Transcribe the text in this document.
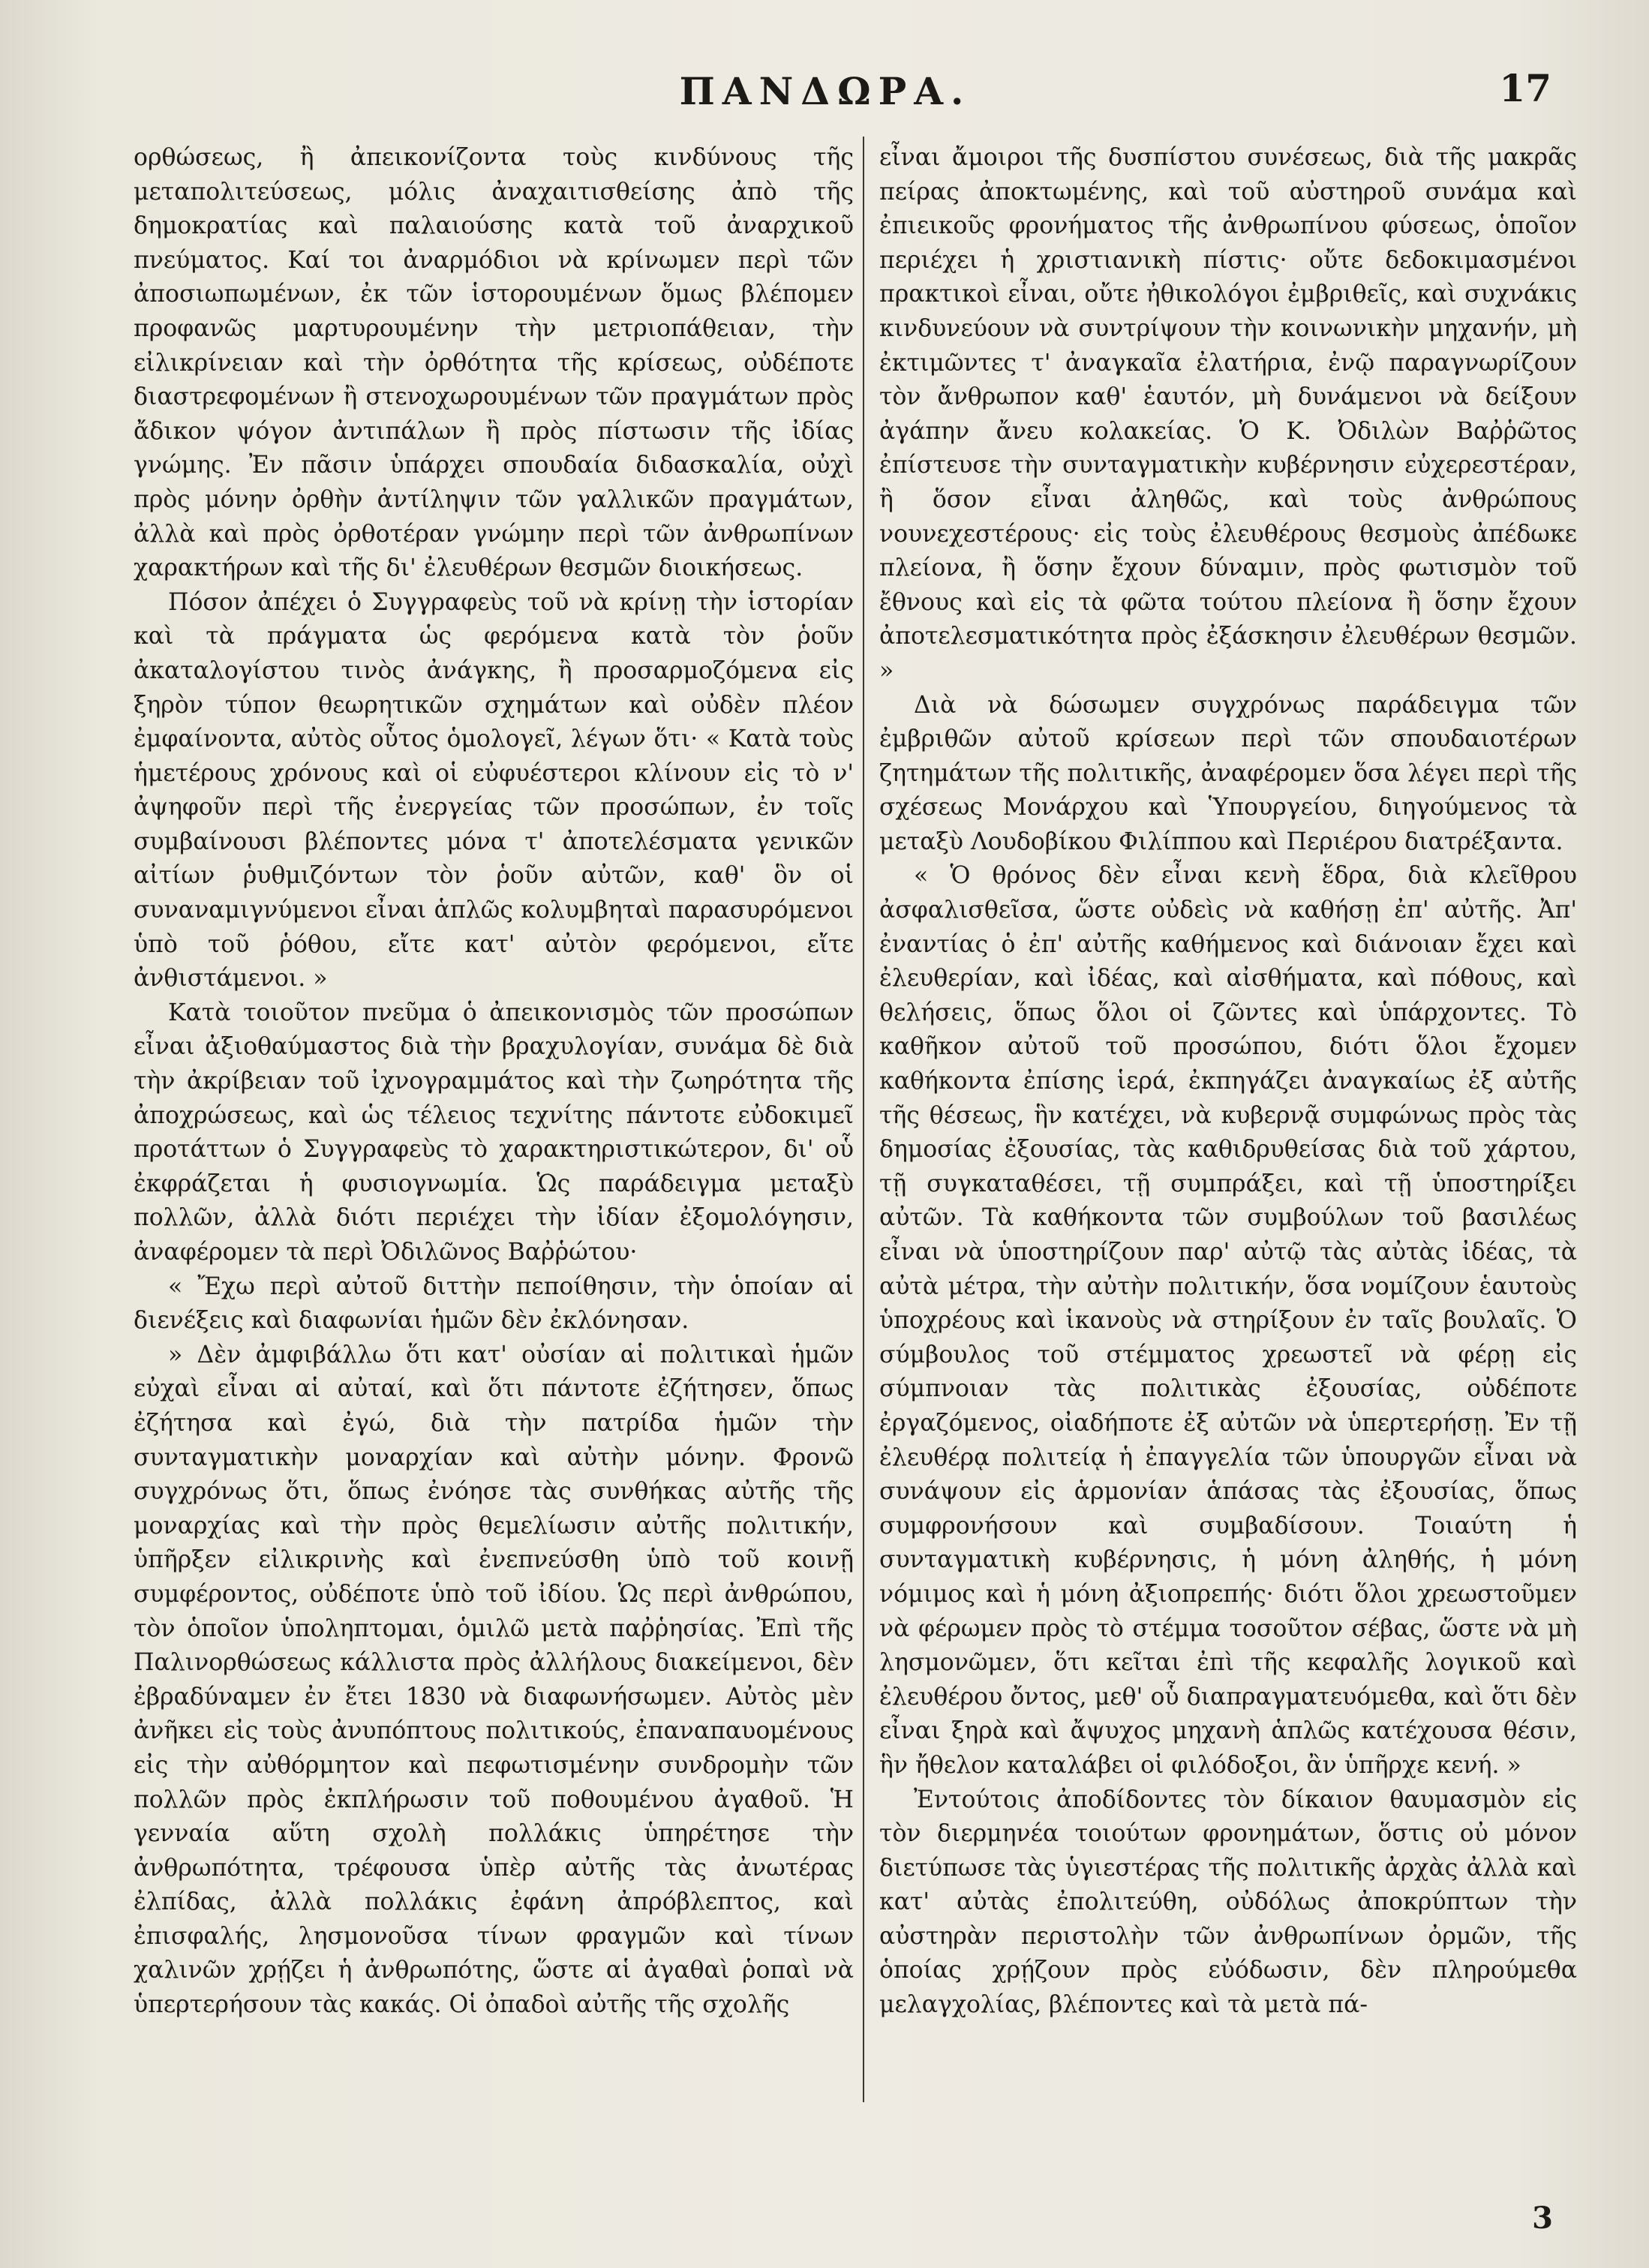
ΠΑΝΔΩΡΑ.	17

ορθώσεως, ἢ ἀπεικονίζοντα τοὺς κινδύνους τῆς μεταπολιτεύσεως, μόλις ἀναχαιτισθείσης ἀπὸ τῆς δημοκρατίας καὶ παλαιούσης κατὰ τοῦ ἀναρχικοῦ πνεύματος. Καί τοι ἀναρμόδιοι νὰ κρίνωμεν περὶ τῶν ἀποσιωπωμένων, ἐκ τῶν ἱστορουμένων ὅμως βλέπομεν προφανῶς μαρτυρουμένην τὴν μετριοπάθειαν, τὴν εἰλικρίνειαν καὶ τὴν ὀρθότητα τῆς κρίσεως, οὐδέποτε διαστρεφομένων ἢ στενοχωρουμένων τῶν πραγμάτων πρὸς ἄδικον ψόγον ἀντιπάλων ἢ πρὸς πίστωσιν τῆς ἰδίας γνώμης. Ἐν πᾶσιν ὑπάρχει σπουδαία διδασκαλία, οὐχὶ πρὸς μόνην ὀρθὴν ἀντίληψιν τῶν γαλλικῶν πραγμάτων, ἀλλὰ καὶ πρὸς ὀρθοτέραν γνώμην περὶ τῶν ἀνθρωπίνων χαρακτήρων καὶ τῆς δι' ἐλευθέρων θεσμῶν διοικήσεως.

Πόσον ἀπέχει ὁ Συγγραφεὺς τοῦ νὰ κρίνῃ τὴν ἱστορίαν καὶ τὰ πράγματα ὡς φερόμενα κατὰ τὸν ῥοῦν ἀκαταλογίστου τινὸς ἀνάγκης, ἢ προσαρμοζόμενα εἰς ξηρὸν τύπον θεωρητικῶν σχημάτων καὶ οὐδὲν πλέον ἐμφαίνοντα, αὐτὸς οὗτος ὁμολογεῖ, λέγων ὅτι· « Κατὰ τοὺς ἡμετέρους χρόνους καὶ οἱ εὐφυέστεροι κλίνουν εἰς τὸ ν' ἀψηφοῦν περὶ τῆς ἐνεργείας τῶν προσώπων, ἐν τοῖς συμβαίνουσι βλέποντες μόνα τ' ἀποτελέσματα γενικῶν αἰτίων ῥυθμιζόντων τὸν ῥοῦν αὐτῶν, καθ' ὃν οἱ συναναμιγνύμενοι εἶναι ἁπλῶς κολυμβηταὶ παρασυρόμενοι ὑπὸ τοῦ ῥόθου, εἴτε κατ' αὐτὸν φερόμενοι, εἴτε ἀνθιστάμενοι. »

Κατὰ τοιοῦτον πνεῦμα ὁ ἀπεικονισμὸς τῶν προσώπων εἶναι ἀξιοθαύμαστος διὰ τὴν βραχυλογίαν, συνάμα δὲ διὰ τὴν ἀκρίβειαν τοῦ ἰχνογραμμάτος καὶ τὴν ζωηρότητα τῆς ἀποχρώσεως, καὶ ὡς τέλειος τεχνίτης πάντοτε εὐδοκιμεῖ προτάττων ὁ Συγγραφεὺς τὸ χαρακτηριστικώτερον, δι' οὗ ἐκφράζεται ἡ φυσιογνωμία. Ὡς παράδειγμα μεταξὺ πολλῶν, ἀλλὰ διότι περιέχει τὴν ἰδίαν ἐξομολόγησιν, ἀναφέρομεν τὰ περὶ Ὀδιλῶνος Βαῤῥώτου·

« Ἔχω περὶ αὐτοῦ διττὴν πεποίθησιν, τὴν ὁποίαν αἱ διενέξεις καὶ διαφωνίαι ἡμῶν δὲν ἐκλόνησαν.

» Δὲν ἀμφιβάλλω ὅτι κατ' οὐσίαν αἱ πολιτικαὶ ἡμῶν εὐχαὶ εἶναι αἱ αὐταί, καὶ ὅτι πάντοτε ἐζήτησεν, ὅπως ἐζήτησα καὶ ἐγώ, διὰ τὴν πατρίδα ἡμῶν τὴν συνταγματικὴν μοναρχίαν καὶ αὐτὴν μόνην. Φρονῶ συγχρόνως ὅτι, ὅπως ἐνόησε τὰς συνθήκας αὐτῆς τῆς μοναρχίας καὶ τὴν πρὸς θεμελίωσιν αὐτῆς πολιτικήν, ὑπῆρξεν εἰλικρινὴς καὶ ἐνεπνεύσθη ὑπὸ τοῦ κοινῇ συμφέροντος, οὐδέποτε ὑπὸ τοῦ ἰδίου. Ὡς περὶ ἀνθρώπου, τὸν ὁποῖον ὑποληπτομαι, ὁμιλῶ μετὰ παῤῥησίας. Ἐπὶ τῆς Παλινορθώσεως κάλλιστα πρὸς ἀλλήλους διακείμενοι, δὲν ἐβραδύναμεν ἐν ἔτει 1830 νὰ διαφωνήσωμεν. Αὐτὸς μὲν ἀνῆκει εἰς τοὺς ἀνυπόπτους πολιτικούς, ἐπαναπαυομένους εἰς τὴν αὐθόρμητον καὶ πεφωτισμένην συνδρομὴν τῶν πολλῶν πρὸς ἐκπλήρωσιν τοῦ ποθουμένου ἀγαθοῦ. Ἡ γενναία αὕτη σχολὴ πολλάκις ὑπηρέτησε τὴν ἀνθρωπότητα, τρέφουσα ὑπὲρ αὐτῆς τὰς ἀνωτέρας ἐλπίδας, ἀλλὰ πολλάκις ἐφάνη ἀπρόβλεπτος, καὶ ἐπισφαλής, λησμονοῦσα τίνων φραγμῶν καὶ τίνων χαλινῶν χρῄζει ἡ ἀνθρωπότης, ὥστε αἱ ἀγαθαὶ ῥοπαὶ νὰ ὑπερτερήσουν τὰς κακάς. Οἱ ὀπαδοὶ αὐτῆς τῆς σχολῆς

εἶναι ἄμοιροι τῆς δυσπίστου συνέσεως, διὰ τῆς μακρᾶς πείρας ἀποκτωμένης, καὶ τοῦ αὐστηροῦ συνάμα καὶ ἐπιεικοῦς φρονήματος τῆς ἀνθρωπίνου φύσεως, ὁποῖον περιέχει ἡ χριστιανικὴ πίστις· οὔτε δεδοκιμασμένοι πρακτικοὶ εἶναι, οὔτε ἠθικολόγοι ἐμβριθεῖς, καὶ συχνάκις κινδυνεύουν νὰ συντρίψουν τὴν κοινωνικὴν μηχανήν, μὴ ἐκτιμῶντες τ' ἀναγκαῖα ἐλατήρια, ἐνῷ παραγνωρίζουν τὸν ἄνθρωπον καθ' ἑαυτόν, μὴ δυνάμενοι νὰ δείξουν ἀγάπην ἄνευ κολακείας. Ὁ Κ. Ὀδιλὼν Βαῤῥῶτος ἐπίστευσε τὴν συνταγματικὴν κυβέρνησιν εὐχερεστέραν, ἢ ὅσον εἶναι ἀληθῶς, καὶ τοὺς ἀνθρώπους νουνεχεστέρους· εἰς τοὺς ἐλευθέρους θεσμοὺς ἀπέδωκε πλείονα, ἢ ὅσην ἔχουν δύναμιν, πρὸς φωτισμὸν τοῦ ἔθνους καὶ εἰς τὰ φῶτα τούτου πλείονα ἢ ὅσην ἔχουν ἀποτελεσματικότητα πρὸς ἐξάσκησιν ἐλευθέρων θεσμῶν. »

Διὰ νὰ δώσωμεν συγχρόνως παράδειγμα τῶν ἐμβριθῶν αὐτοῦ κρίσεων περὶ τῶν σπουδαιοτέρων ζητημάτων τῆς πολιτικῆς, ἀναφέρομεν ὅσα λέγει περὶ τῆς σχέσεως Μονάρχου καὶ Ὑπουργείου, διηγούμενος τὰ μεταξὺ Λουδοβίκου Φιλίππου καὶ Περιέρου διατρέξαντα.

« Ὁ θρόνος δὲν εἶναι κενὴ ἕδρα, διὰ κλεῖθρου ἀσφαλισθεῖσα, ὥστε οὐδεὶς νὰ καθήσῃ ἐπ' αὐτῆς. Ἀπ' ἐναντίας ὁ ἐπ' αὐτῆς καθήμενος καὶ διάνοιαν ἔχει καὶ ἐλευθερίαν, καὶ ἰδέας, καὶ αἰσθήματα, καὶ πόθους, καὶ θελήσεις, ὅπως ὅλοι οἱ ζῶντες καὶ ὑπάρχοντες. Τὸ καθῆκον αὐτοῦ τοῦ προσώπου, διότι ὅλοι ἔχομεν καθήκοντα ἐπίσης ἱερά, ἐκπηγάζει ἀναγκαίως ἐξ αὐτῆς τῆς θέσεως, ἣν κατέχει, νὰ κυβερνᾷ συμφώνως πρὸς τὰς δημοσίας ἐξουσίας, τὰς καθιδρυθείσας διὰ τοῦ χάρτου, τῇ συγκαταθέσει, τῇ συμπράξει, καὶ τῇ ὑποστηρίξει αὐτῶν. Τὰ καθήκοντα τῶν συμβούλων τοῦ βασιλέως εἶναι νὰ ὑποστηρίζουν παρ' αὐτῷ τὰς αὐτὰς ἰδέας, τὰ αὐτὰ μέτρα, τὴν αὐτὴν πολιτικήν, ὅσα νομίζουν ἑαυτοὺς ὑποχρέους καὶ ἱκανοὺς νὰ στηρίξουν ἐν ταῖς βουλαῖς. Ὁ σύμβουλος τοῦ στέμματος χρεωστεῖ νὰ φέρῃ εἰς σύμπνοιαν τὰς πολιτικὰς ἐξουσίας, οὐδέποτε ἐργαζόμενος, οἰαδήποτε ἐξ αὐτῶν νὰ ὑπερτερήσῃ. Ἐν τῇ ἐλευθέρᾳ πολιτείᾳ ἡ ἐπαγγελία τῶν ὑπουργῶν εἶναι νὰ συνάψουν εἰς ἁρμονίαν ἁπάσας τὰς ἐξουσίας, ὅπως συμφρονήσουν καὶ συμβαδίσουν. Τοιαύτη ἡ συνταγματικὴ κυβέρνησις, ἡ μόνη ἀληθής, ἡ μόνη νόμιμος καὶ ἡ μόνη ἀξιοπρεπής· διότι ὅλοι χρεωστοῦμεν νὰ φέρωμεν πρὸς τὸ στέμμα τοσοῦτον σέβας, ὥστε νὰ μὴ λησμονῶμεν, ὅτι κεῖται ἐπὶ τῆς κεφαλῆς λογικοῦ καὶ ἐλευθέρου ὄντος, μεθ' οὗ διαπραγματευόμεθα, καὶ ὅτι δὲν εἶναι ξηρὰ καὶ ἄψυχος μηχανὴ ἁπλῶς κατέχουσα θέσιν, ἣν ἤθελον καταλάβει οἱ φιλόδοξοι, ἂν ὑπῆρχε κενή. »

Ἐντούτοις ἀποδίδοντες τὸν δίκαιον θαυμασμὸν εἰς τὸν διερμηνέα τοιούτων φρονημάτων, ὅστις οὐ μόνον διετύπωσε τὰς ὑγιεστέρας τῆς πολιτικῆς ἀρχὰς ἀλλὰ καὶ κατ' αὐτὰς ἐπολιτεύθη, οὐδόλως ἀποκρύπτων τὴν αὐστηρὰν περιστολὴν τῶν ἀνθρωπίνων ὀρμῶν, τῆς ὁποίας χρῄζουν πρὸς εὐόδωσιν, δὲν πληρούμεθα μελαγχολίας, βλέποντες καὶ τὰ μετὰ πά-

3
